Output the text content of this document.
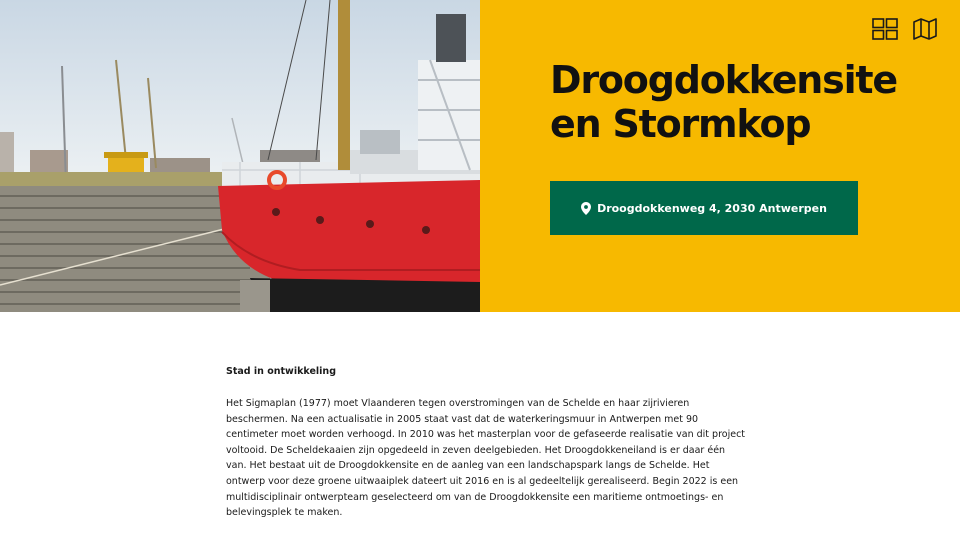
Droogdokkensite en Stormkop
Droogdokkenweg 4, 2030 Antwerpen
Stad in ontwikkeling

Het Sigmaplan (1977) moet Vlaanderen tegen overstromingen van de Schelde en haar zijrivieren beschermen. Na een actualisatie in 2005 staat vast dat de waterkeringsmuur in Antwerpen met 90 centimeter moet worden verhoogd. In 2010 was het masterplan voor de gefaseerde realisatie van dit project voltooid. De Scheldekaaien zijn opgedeeld in zeven deelgebieden. Het Droogdokkeneiland is er daar één van. Het bestaat uit de Droogdokkensite en de aanleg van een landschapspark langs de Schelde. Het ontwerp voor deze groene uitwaaiplek dateert uit 2016 en is al gedeeltelijk gerealiseerd. Begin 2022 is een multidisciplinair ontwerpteam geselecteerd om van de Droogdokkensite een maritieme ontmoetings- en belevingsplek te maken.
